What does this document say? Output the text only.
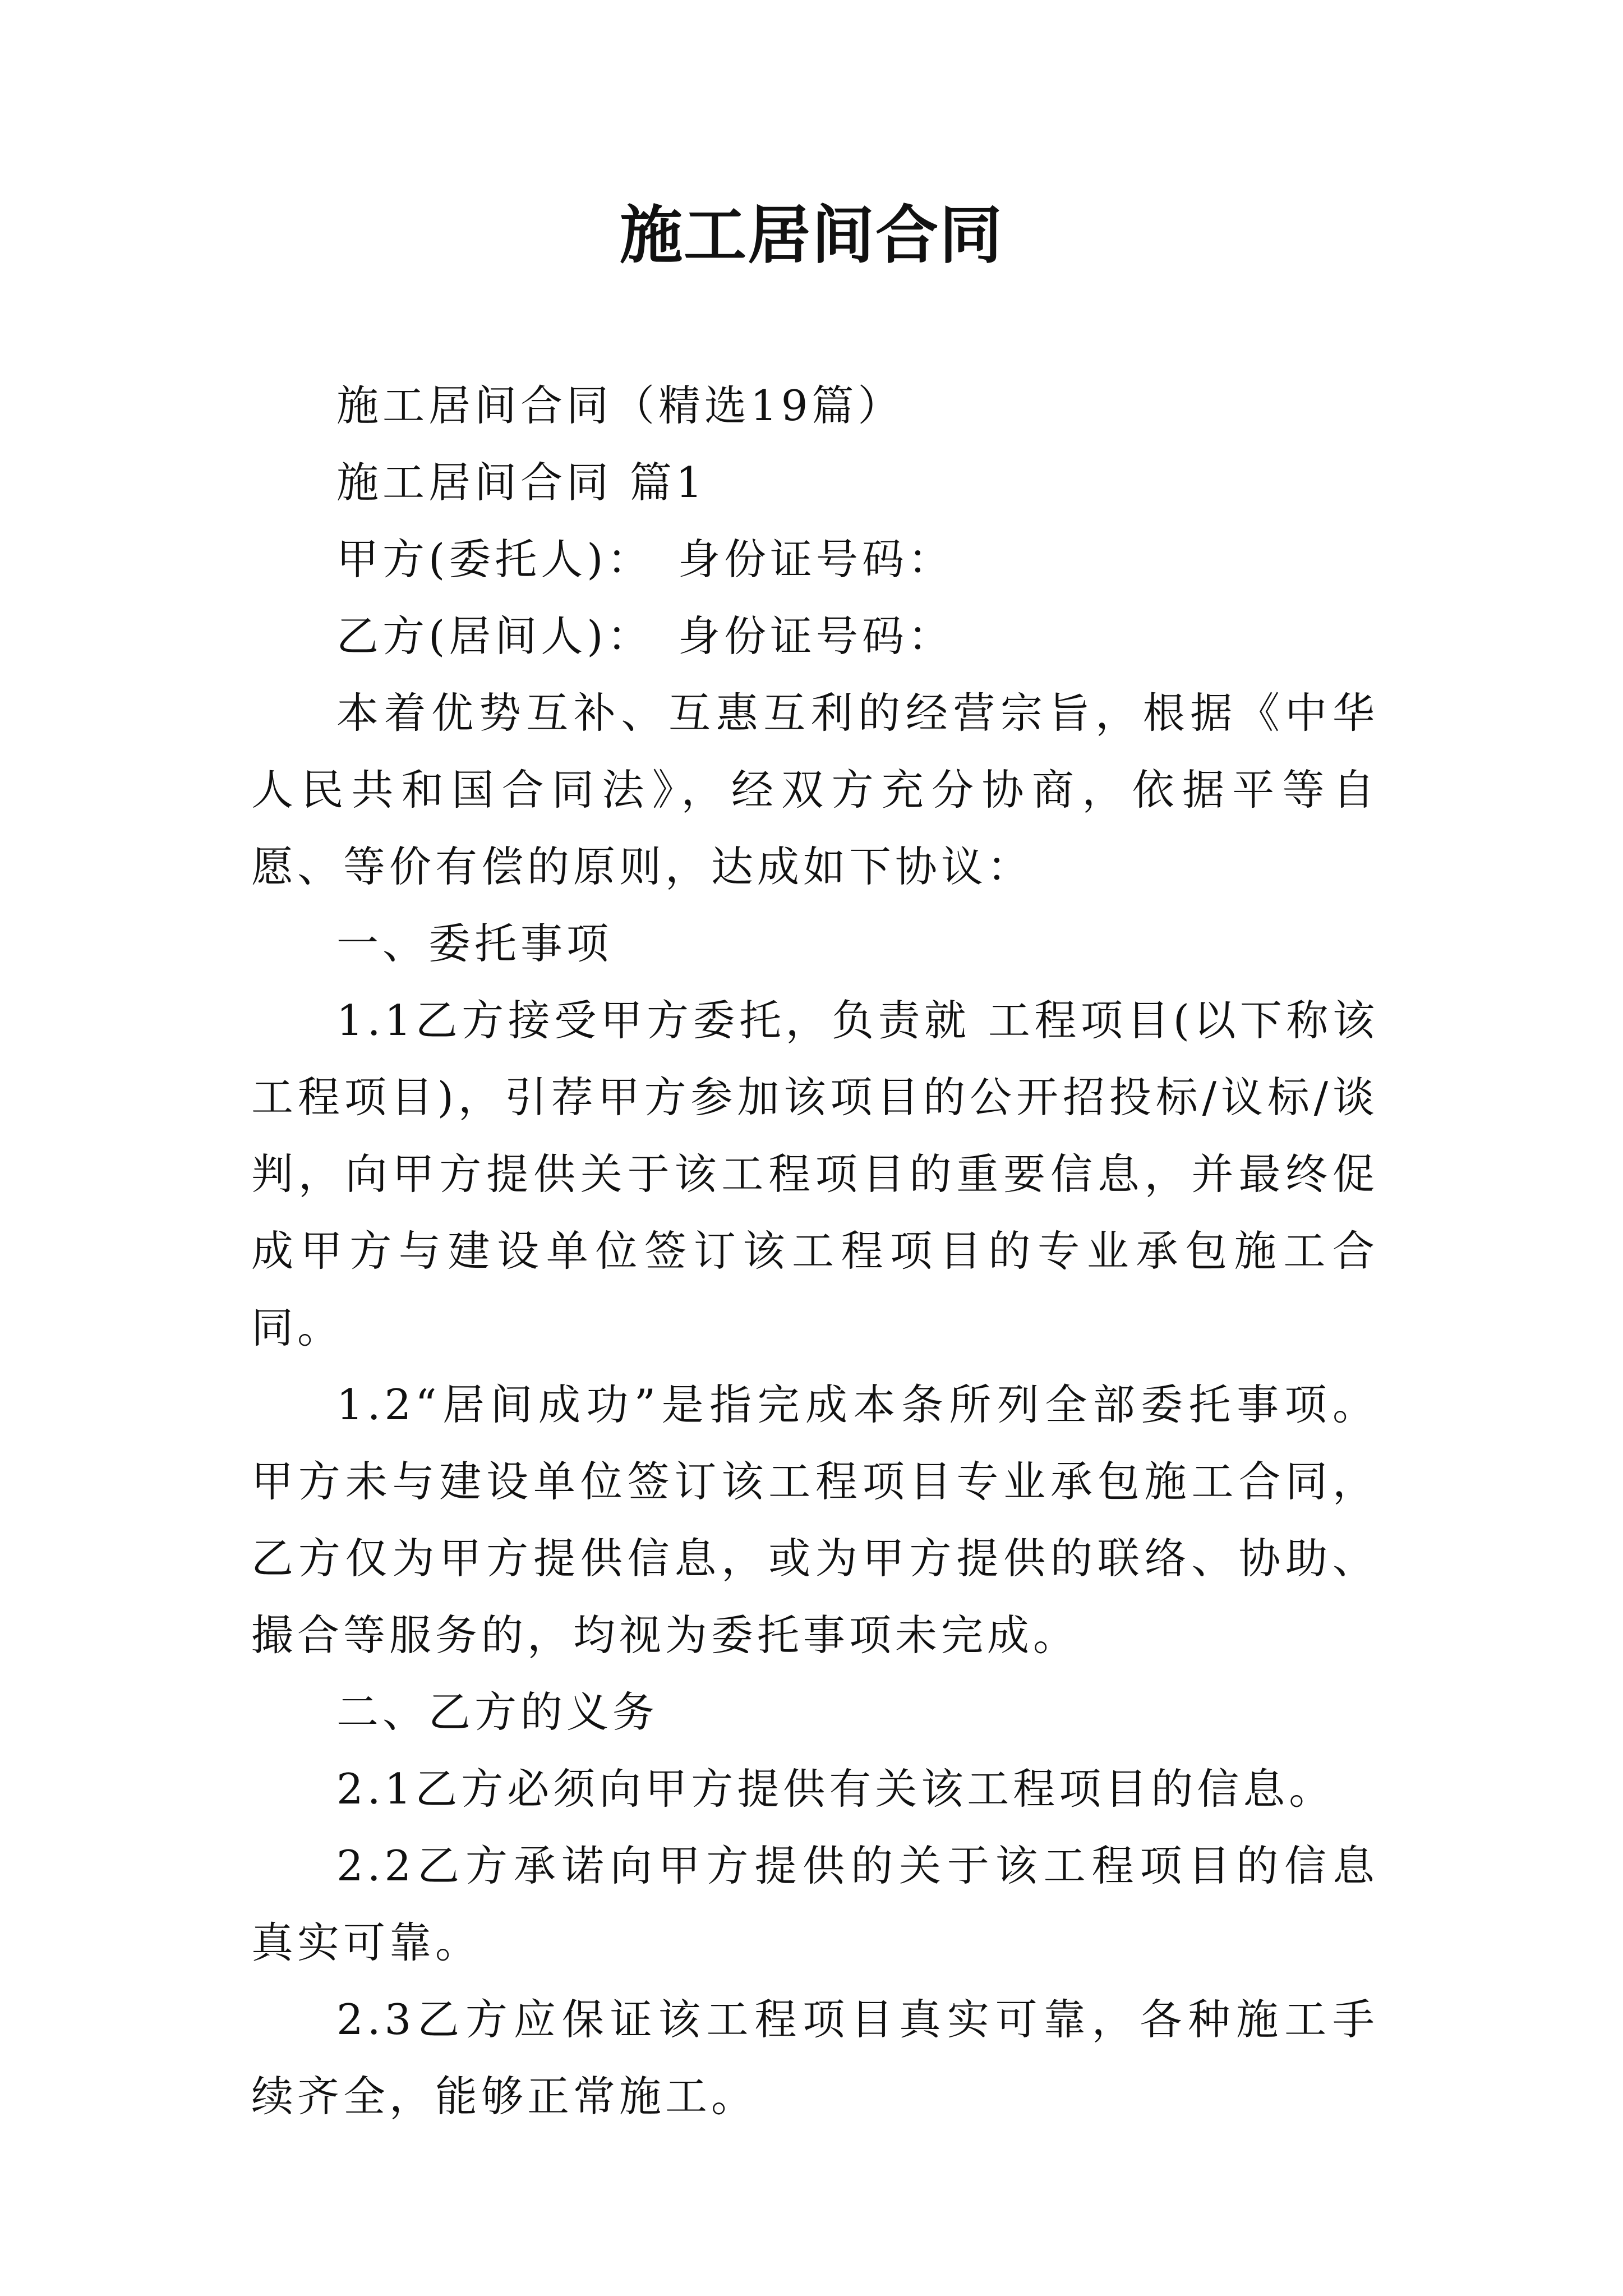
施工居间合同

施工居间合同（精选19篇）

施工居间合同 篇1

甲方(委托人)：　身份证号码：

乙方(居间人)：　身份证号码：

本着优势互补、互惠互利的经营宗旨，根据《中华人民共和国合同法》，经双方充分协商，依据平等自愿、等价有偿的原则，达成如下协议：

一、委托事项

1.1乙方接受甲方委托，负责就 工程项目(以下称该工程项目)，引荐甲方参加该项目的公开招投标/议标/谈判，向甲方提供关于该工程项目的重要信息，并最终促成甲方与建设单位签订该工程项目的专业承包施工合同。

1.2“居间成功”是指完成本条所列全部委托事项。甲方未与建设单位签订该工程项目专业承包施工合同，乙方仅为甲方提供信息，或为甲方提供的联络、协助、撮合等服务的，均视为委托事项未完成。

二、乙方的义务

2.1乙方必须向甲方提供有关该工程项目的信息。

2.2乙方承诺向甲方提供的关于该工程项目的信息真实可靠。

2.3乙方应保证该工程项目真实可靠，各种施工手续齐全，能够正常施工。
